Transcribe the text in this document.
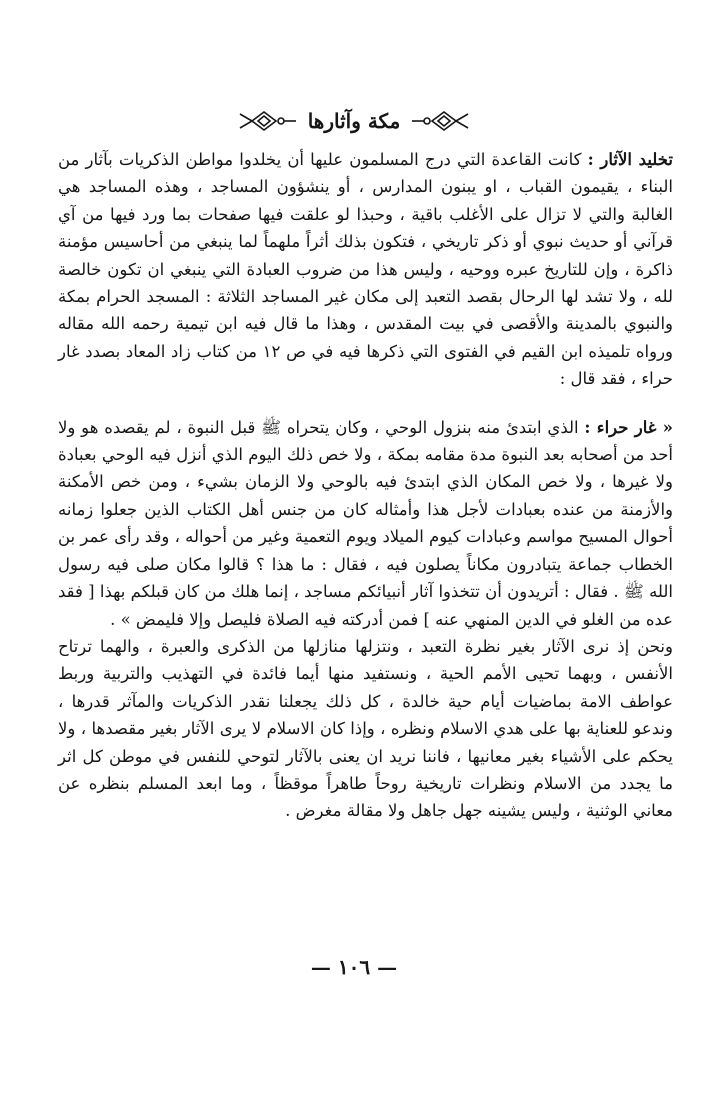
مكة وآثارها

تخليد الآثار : كانت القاعدة التي درج المسلمون عليها أن يخلدوا مواطن الذكريات بآثار من البناء ، يقيمون القباب ، او يبنون المدارس ، أو ينشؤون المساجد ، وهذه المساجد هي الغالبة والتي لا تزال على الأغلب باقية ، وحبذا لو علقت فيها صفحات بما ورد فيها من آي قرآني أو حديث نبوي أو ذكر تاريخي ، فتكون بذلك أثراً ملهماً لما ينبغي من أحاسيس مؤمنة ذاكرة ، وإن للتاريخ عبره ووحيه ، وليس هذا من ضروب العبادة التي ينبغي ان تكون خالصة لله ، ولا تشد لها الرحال بقصد التعبد إلى مكان غير المساجد الثلاثة : المسجد الحرام بمكة والنبوي بالمدينة والأقصى في بيت المقدس ، وهذا ما قال فيه ابن تيمية رحمه الله مقاله ورواه تلميذه ابن القيم في الفتوى التي ذكرها فيه في ص ١٢ من كتاب زاد المعاد بصدد غار حراء ، فقد قال :

« غار حراء : الذي ابتدئ منه بنزول الوحي ، وكان يتحراه ﷺ قبل النبوة ، لم يقصده هو ولا أحد من أصحابه بعد النبوة مدة مقامه بمكة ، ولا خص ذلك اليوم الذي أنزل فيه الوحي بعبادة ولا غيرها ، ولا خص المكان الذي ابتدئ فيه بالوحي ولا الزمان بشيء ، ومن خص الأمكنة والأزمنة من عنده بعبادات لأجل هذا وأمثاله كان من جنس أهل الكتاب الذين جعلوا زمانه أحوال المسيح مواسم وعبادات كيوم الميلاد ويوم التعمية وغير من أحواله ، وقد رأى عمر بن الخطاب جماعة يتبادرون مكاناً يصلون فيه ، فقال : ما هذا ؟ قالوا مكان صلى فيه رسول الله ﷺ . فقال : أتريدون أن تتخذوا آثار أنبيائكم مساجد ، إنما هلك من كان قبلكم بهذا [ فقد عده من الغلو في الدين المنهي عنه ] فمن أدركته فيه الصلاة فليصل وإلا فليمض » .

ونحن إذ نرى الآثار بغير نظرة التعبد ، ونتزلها منازلها من الذكرى والعبرة ، والهما ترتاح الأنفس ، وبهما تحيى الأمم الحية ، ونستفيد منها أيما فائدة في التهذيب والتربية وربط عواطف الامة بماضيات أيام حية خالدة ، كل ذلك يجعلنا نقدر الذكريات والمآثر قدرها ، وندعو للعناية بها على هدي الاسلام ونظره ، وإذا كان الاسلام لا يرى الآثار بغير مقصدها ، ولا يحكم على الأشياء بغير معانيها ، فاننا نريد ان يعنى بالآثار لتوحي للنفس في موطن كل اثر ما يجدد من الاسلام ونظرات تاريخية روحاً طاهراً موقظاً ، وما ابعد المسلم بنظره عن معاني الوثنية ، وليس يشينه جهل جاهل ولا مقالة مغرض .

— ١٠٦ —
